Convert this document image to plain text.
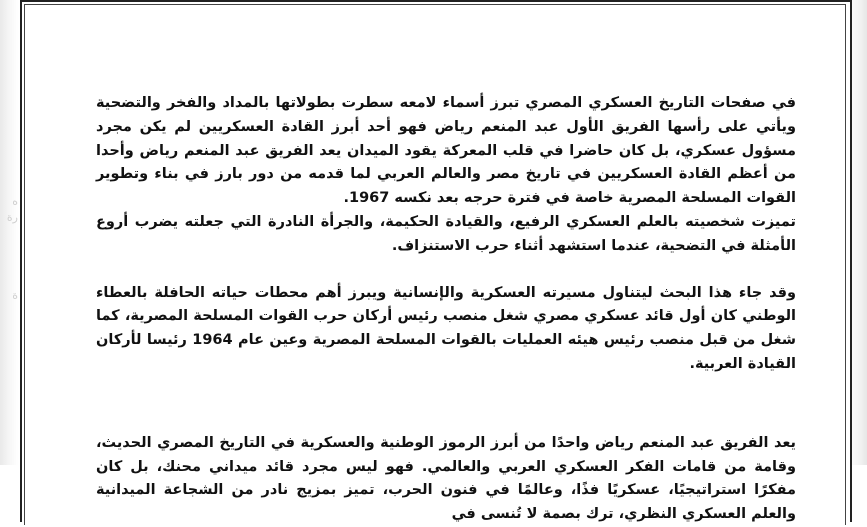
ه
رة
ة

في صفحات التاريخ العسكري المصري تبرز أسماء لامعه سطرت بطولاتها بالمداد والفخر والتضحية ويأتي على رأسها الفريق الأول عبد المنعم رياض فهو أحد أبرز القادة العسكريين لم يكن مجرد مسؤول عسكري، بل كان حاضرا في قلب المعركة يقود الميدان يعد الفريق عبد المنعم رياض وأحدا من أعظم القادة العسكريين في تاريخ مصر والعالم العربي لما قدمه من دور بارز في بناء وتطوير القوات المسلحة المصرية خاصة في فترة حرجه بعد نكسه 1967.

تميزت شخصيته بالعلم العسكري الرفيع، والقيادة الحكيمة، والجرأة النادرة التي جعلته يضرب أروع الأمثلة في التضحية، عندما استشهد أثناء حرب الاستنزاف.

وقد جاء هذا البحث ليتناول مسيرته العسكرية والإنسانية ويبرز أهم محطات حياته الحافلة بالعطاء الوطني كان أول قائد عسكري مصري شغل منصب رئيس أركان حرب القوات المسلحة المصرية، كما شغل من قبل منصب رئيس هيئه العمليات بالقوات المسلحة المصرية وعين عام 1964 رئيسا لأركان القيادة العربية.

يعد الفريق عبد المنعم رياض واحدًا من أبرز الرموز الوطنية والعسكرية في التاريخ المصري الحديث، وقامة من قامات الفكر العسكري العربي والعالمي. فهو ليس مجرد قائد ميداني محنك، بل كان مفكرًا استراتيجيًا، عسكريًا فذًا، وعالمًا في فنون الحرب، تميز بمزيج نادر من الشجاعة الميدانية والعلم العسكري النظري، ترك بصمة لا تُنسى في
